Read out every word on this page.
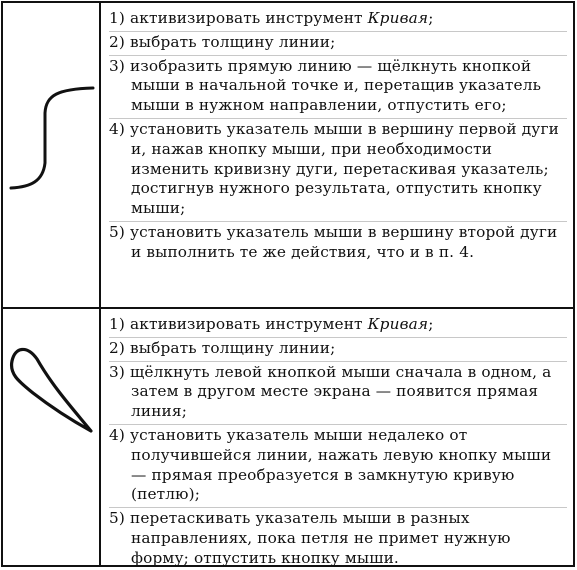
1) активизировать инструмент Кривая;
2) выбрать толщину линии;
3) изобразить прямую линию — щёлкнуть кнопкой мыши в начальной точке и, перетащив указатель мыши в нужном направлении, отпустить его;
4) установить указатель мыши в вершину первой дуги и, нажав кнопку мыши, при необходимости изменить кривизну дуги, перетаскивая указатель; достигнув нужного результата, отпустить кнопку мыши;
5) установить указатель мыши в вершину второй дуги и выполнить те же действия, что и в п. 4.
1) активизировать инструмент Кривая;
2) выбрать толщину линии;
3) щёлкнуть левой кнопкой мыши сначала в одном, а затем в другом месте экрана — появится прямая линия;
4) установить указатель мыши недалеко от получившейся линии, нажать левую кнопку мыши — прямая преобразуется в замкнутую кривую (петлю);
5) перетаскивать указатель мыши в разных направлениях, пока петля не примет нужную форму; отпустить кнопку мыши.
